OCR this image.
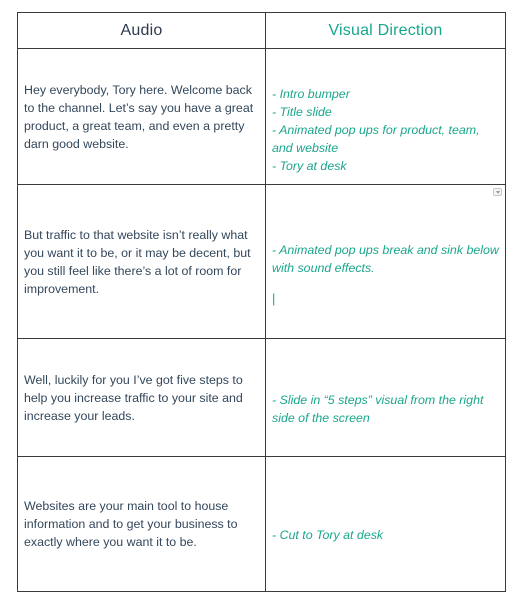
Audio	Visual Direction
Hey everybody, Tory here. Welcome back to the channel. Let’s say you have a great product, a great team, and even a pretty darn good website.	- Intro bumper
- Title slide
- Animated pop ups for product, team, and website
- Tory at desk

But traffic to that website isn’t really what you want it to be, or it may be decent, but you still feel like there’s a lot of room for improvement.	- Animated pop ups break and sink below with sound effects.
|

Well, luckily for you I’ve got five steps to help you increase traffic to your site and increase your leads.	- Slide in “5 steps” visual from the right side of the screen

Websites are your main tool to house information and to get your business to exactly where you want it to be.	- Cut to Tory at desk
